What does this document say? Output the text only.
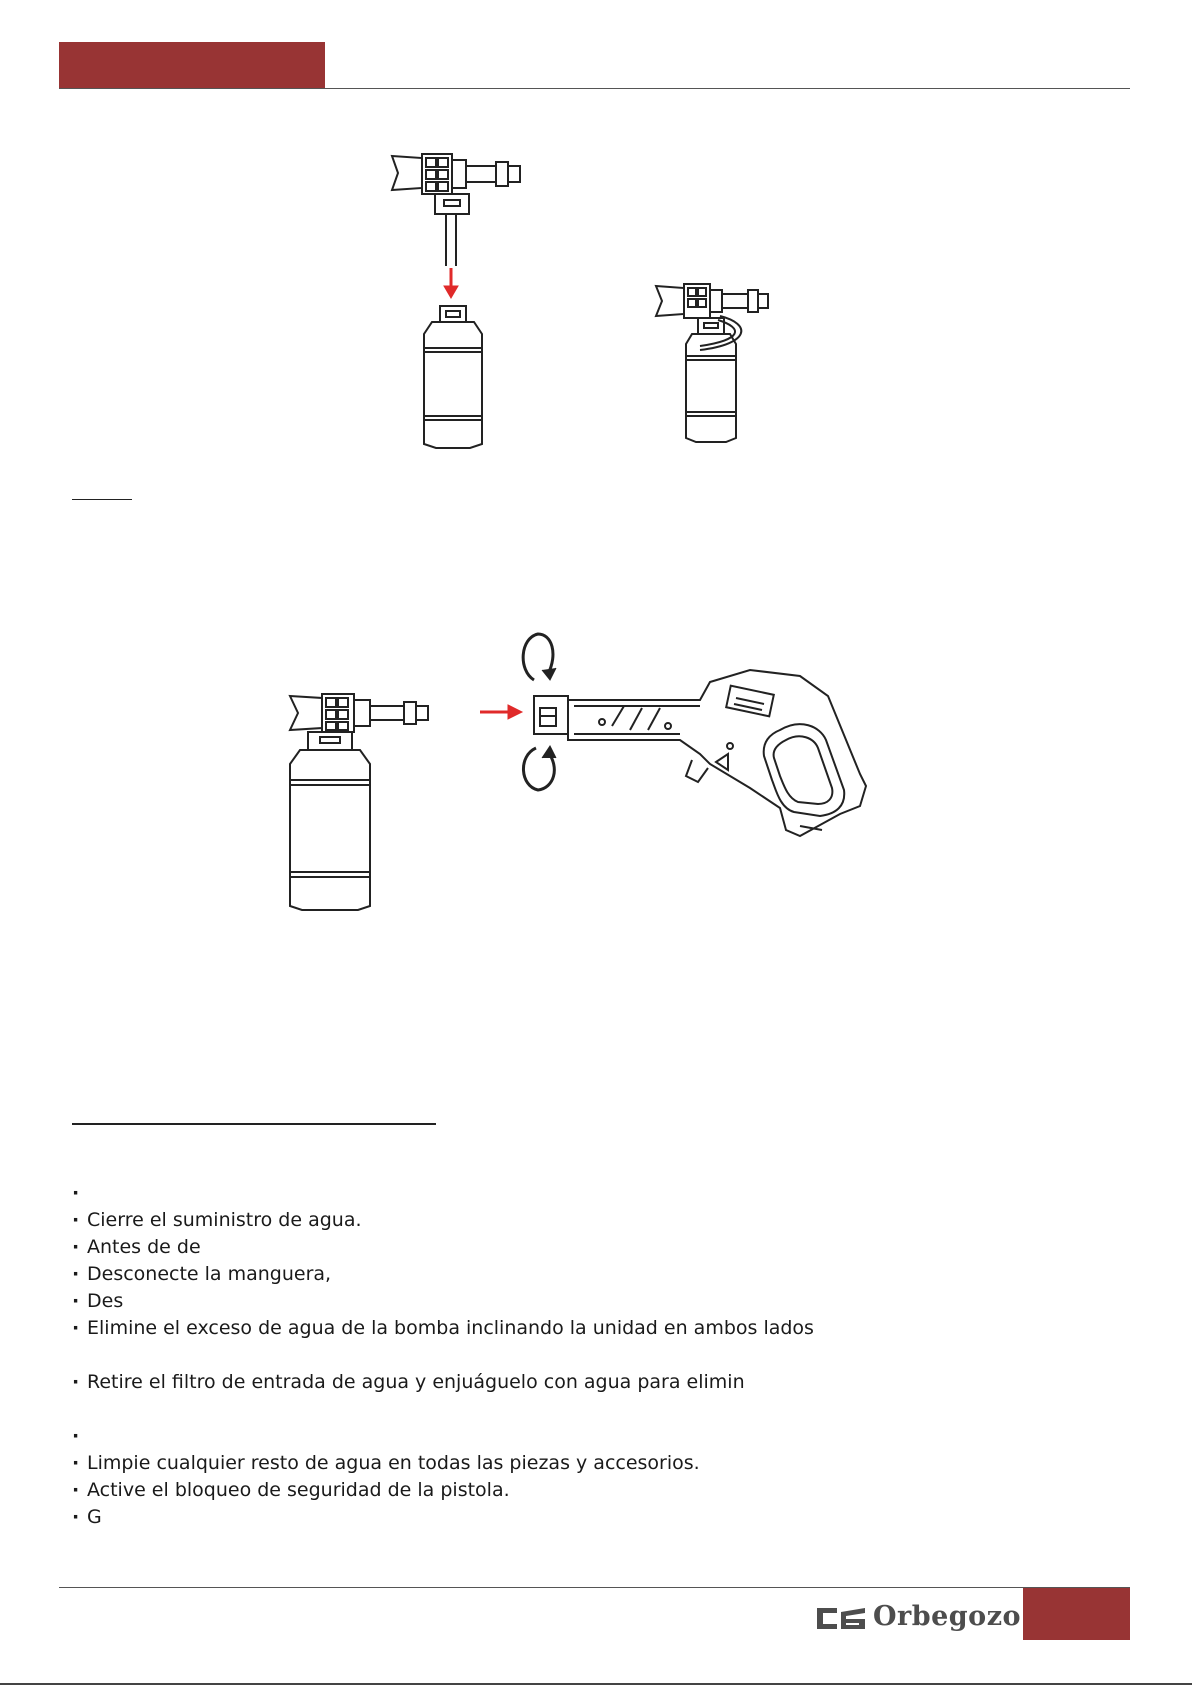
·
· Cierre el suministro de agua.
· Antes de de
· Desconecte la manguera,
· Des
· Elimine el exceso de agua de la bomba inclinando la unidad en ambos lados
· Retire el filtro de entrada de agua y enjuáguelo con agua para elimin
·
· Limpie cualquier resto de agua en todas las piezas y accesorios.
· Active el bloqueo de seguridad de la pistola.
· G
Orbegozo
